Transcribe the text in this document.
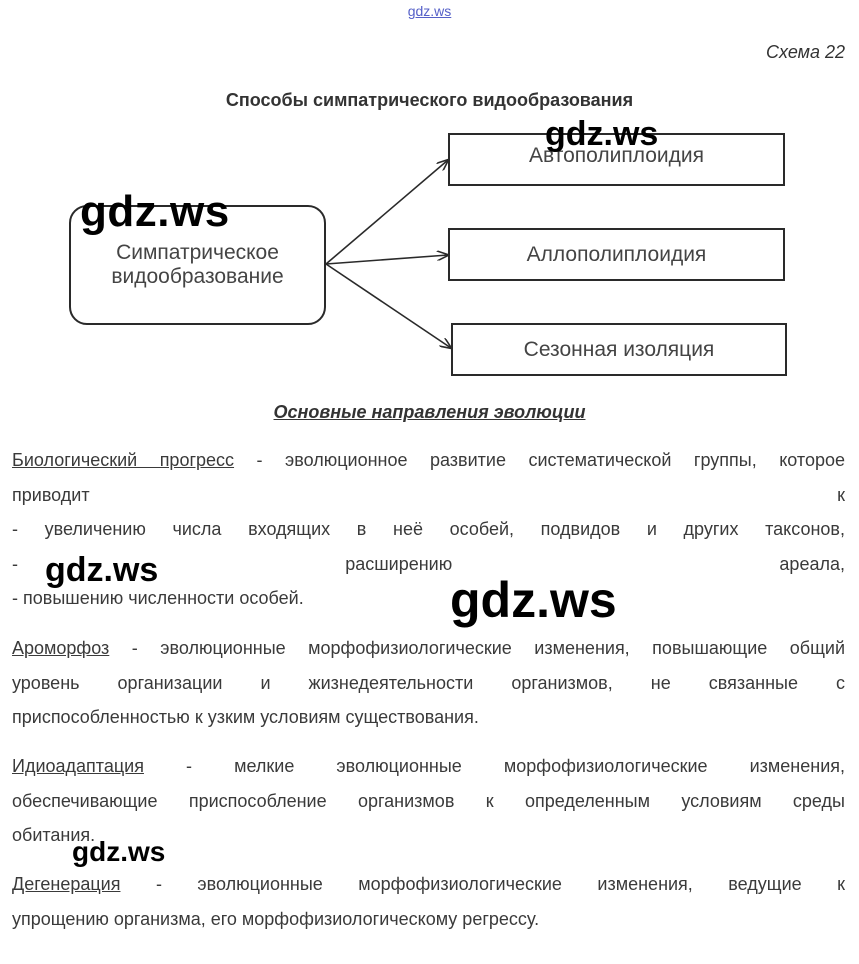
gdz.ws
Схема 22
Способы симпатрического видообразования
Симпатрическое
видообразование
Автополиплоидия
Аллополиплоидия
Сезонная изоляция
Основные направления эволюции
Биологический прогресс - эволюционное развитие систематической группы, которое
приводит	к
- увеличению числа входящих в неё особей, подвидов и других таксонов,
-	расширению	ареала,
- повышению численности особей.
Ароморфоз - эволюционные морфофизиологические изменения, повышающие общий
уровень организации и жизнедеятельности организмов, не связанные с
приспособленностью к узким условиям существования.
Идиоадаптация - мелкие эволюционные морфофизиологические изменения,
обеспечивающие приспособление организмов к определенным условиям среды
обитания.
Дегенерация - эволюционные морфофизиологические изменения, ведущие к
упрощению организма, его морфофизиологическому регрессу.
gdz.ws
gdz.ws
gdz.ws
gdz.ws
gdz.ws
